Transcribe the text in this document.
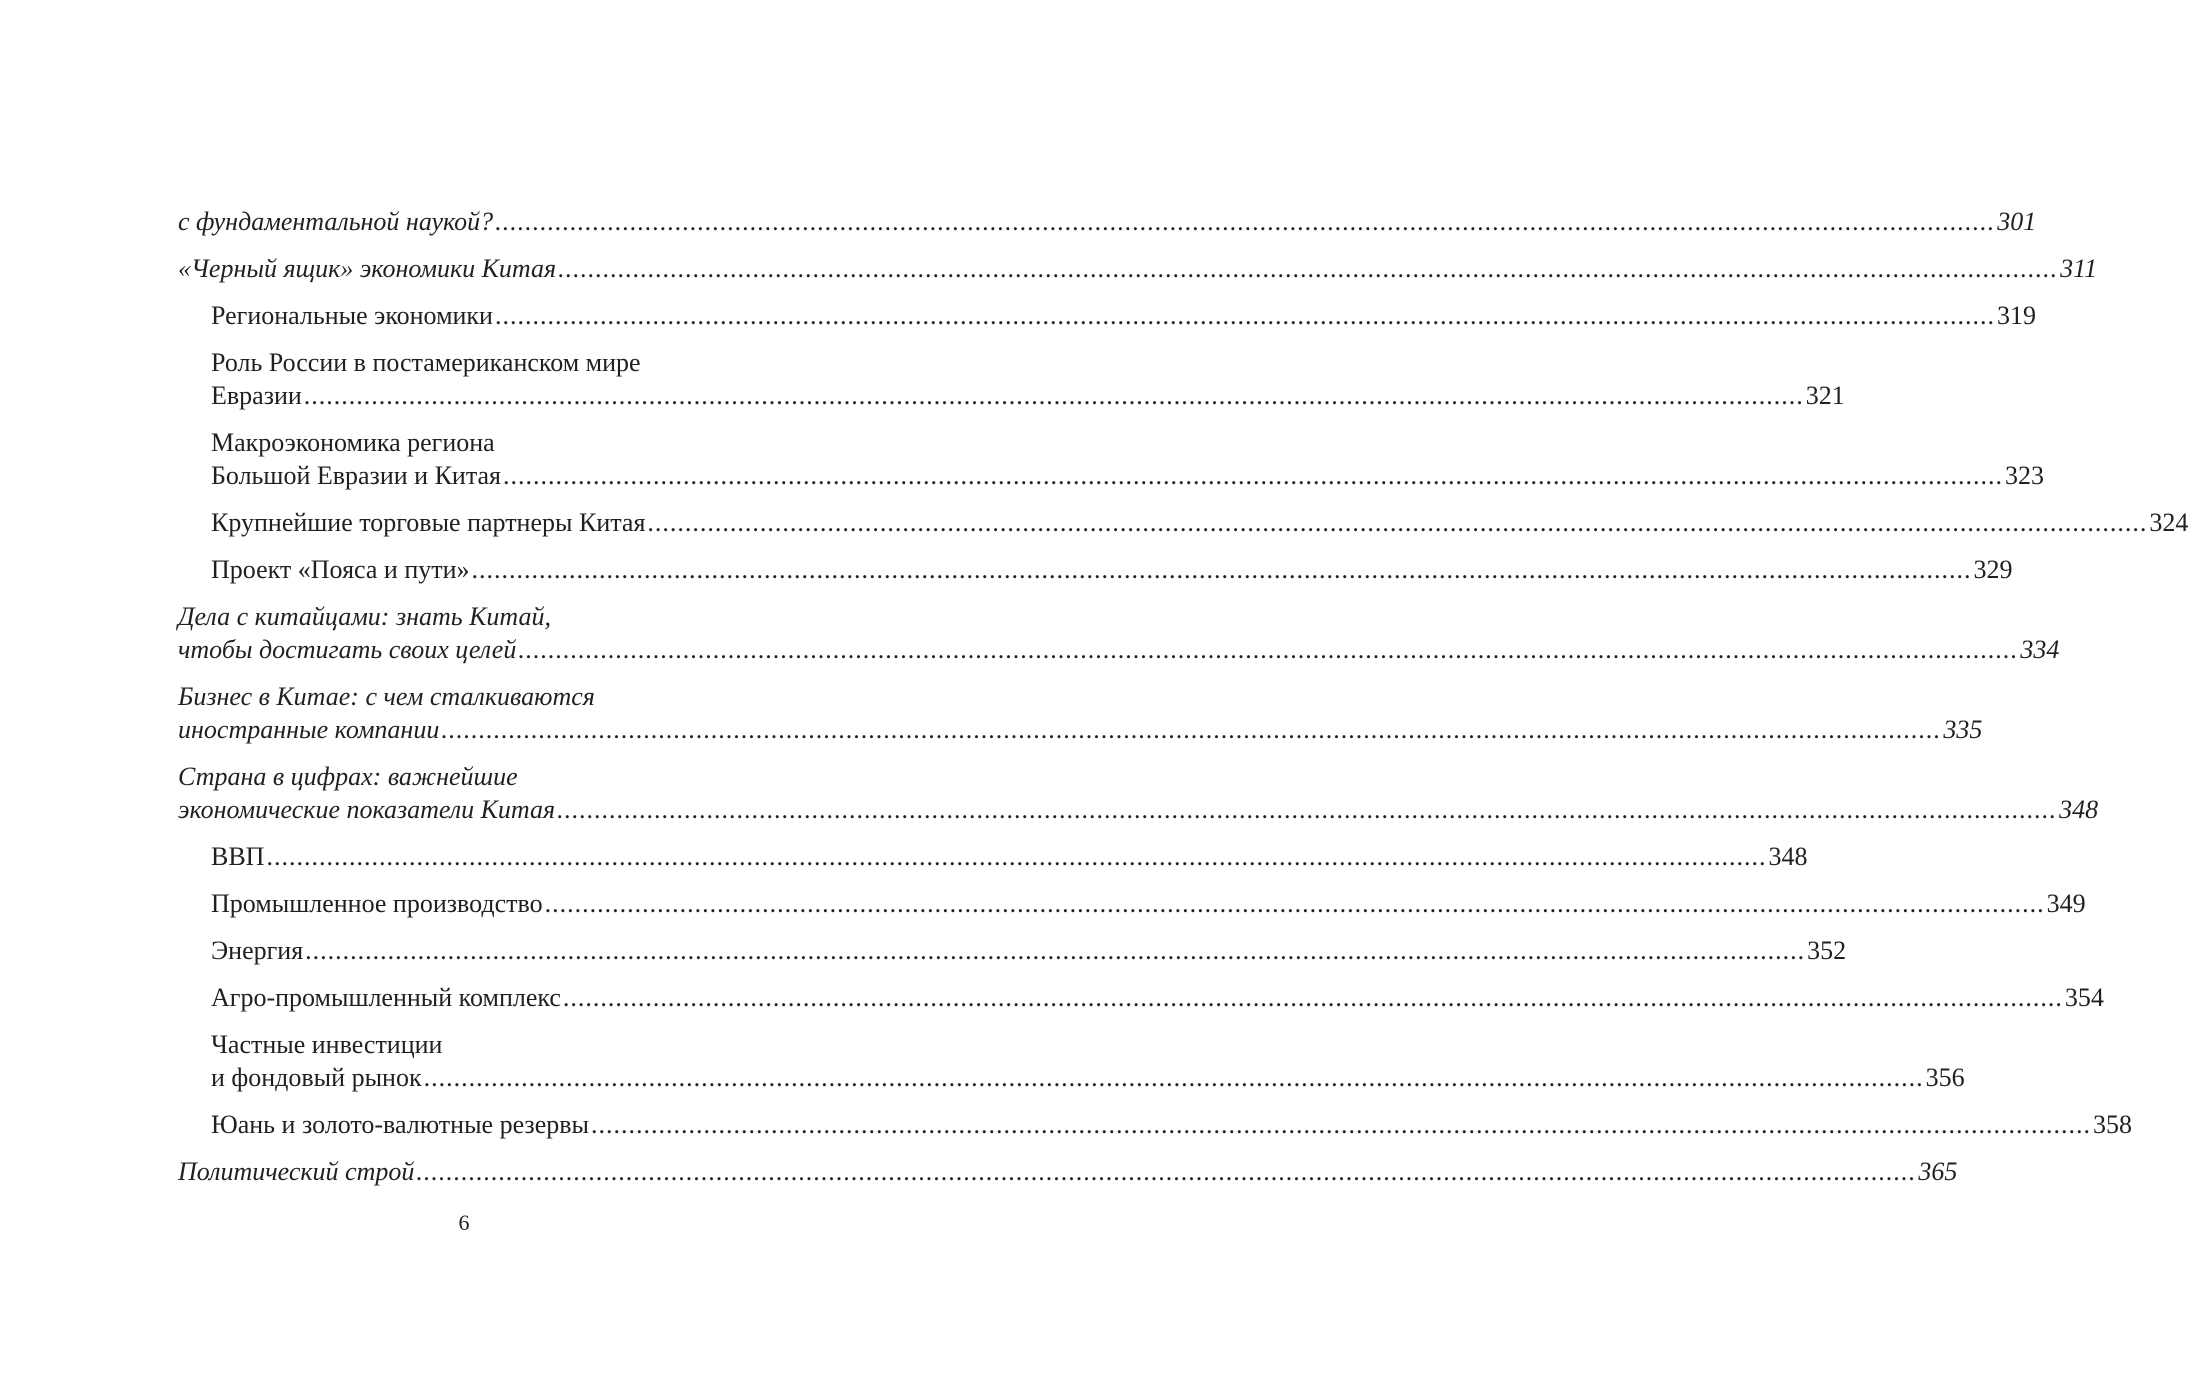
с фундаментальной наукой? ........................................................................................................................................................................................................ 301
«Черный ящик» экономики Китая ........................................................................................................................................................................................................ 311
Региональные экономики ........................................................................................................................................................................................................ 319
Роль России в постамериканском мире
Евразии ........................................................................................................................................................................................................ 321
Макроэкономика региона
Большой Евразии и Китая ........................................................................................................................................................................................................ 323
Крупнейшие торговые партнеры Китая ........................................................................................................................................................................................................ 324
Проект «Пояса и пути» ........................................................................................................................................................................................................ 329
Дела с китайцами: знать Китай,
чтобы достигать своих целей ........................................................................................................................................................................................................ 334
Бизнес в Китае: с чем сталкиваются
иностранные компании ........................................................................................................................................................................................................ 335
Страна в цифрах: важнейшие
экономические показатели Китая ........................................................................................................................................................................................................ 348
ВВП ........................................................................................................................................................................................................ 348
Промышленное производство ........................................................................................................................................................................................................ 349
Энергия ........................................................................................................................................................................................................ 352
Агро-промышленный комплекс ........................................................................................................................................................................................................ 354
Частные инвестиции
и фондовый рынок ........................................................................................................................................................................................................ 356
Юань и золото-валютные резервы ........................................................................................................................................................................................................ 358
Политический строй ........................................................................................................................................................................................................ 365
6
